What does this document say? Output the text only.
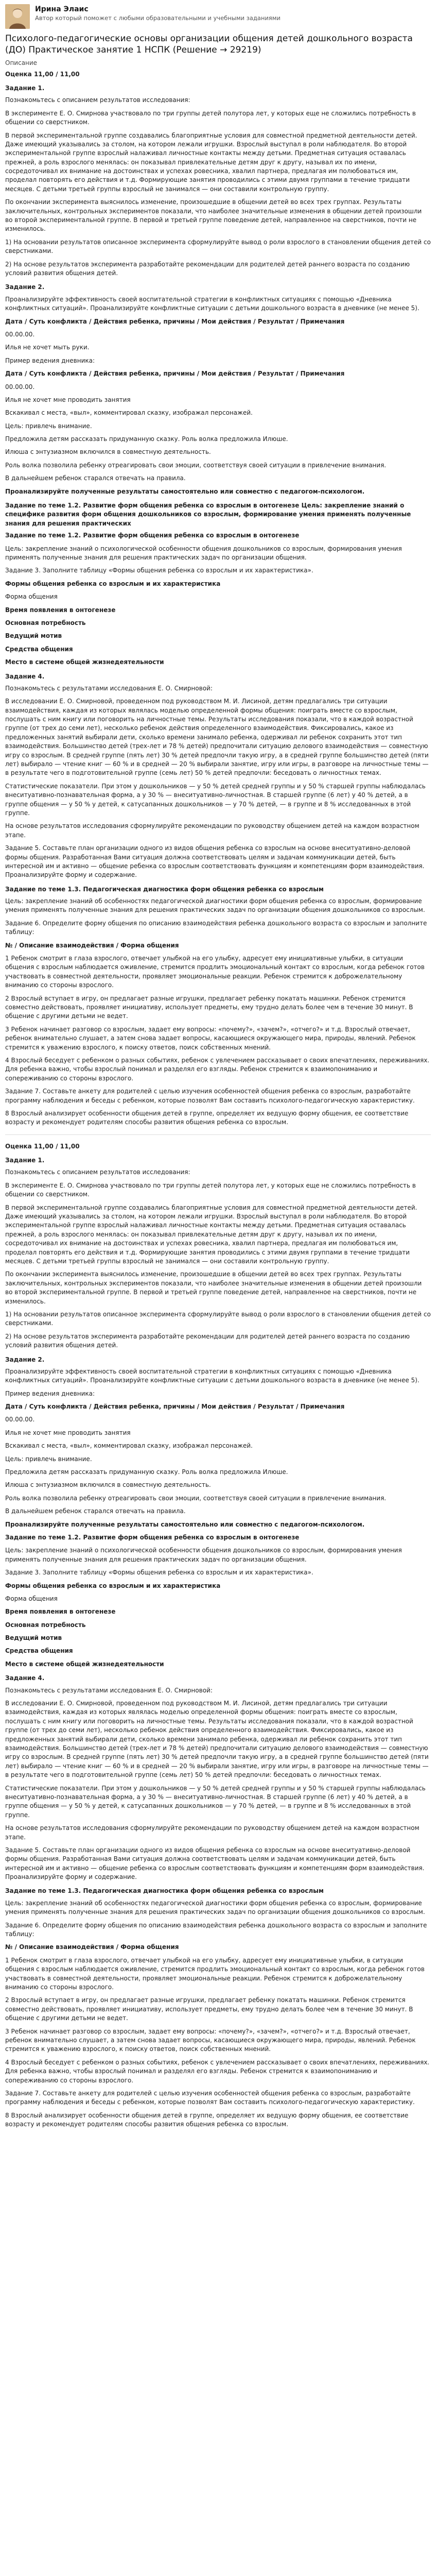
Ирина Элаис
Автор который поможет с любыми образовательными и учебными заданиями
Психолого-педагогические основы организации общения детей дошкольного возраста (ДО) Практическое занятие 1 НСПК (Решение → 29219)
Описание
Оценка 11,00 / 11,00
Задание 1.

Познакомьтесь с описанием результатов исследования:

В эксперименте Е. О. Смирнова участвовало по три группы детей полутора лет, у которых еще не сложились потребность в общении со сверстником.

В первой экспериментальной группе создавались благоприятные условия для совместной предметной деятельности детей. Даже имеющий указывались за столом, на котором лежали игрушки. Взрослый выступал в роли наблюдателя. Во второй экспериментальной группе взрослый налаживал личностные контакты между детьми. Предметная ситуация оставалась прежней, а роль взрослого менялась: он показывал привлекательные детям друг к другу, называл их по имени, сосредоточивал их внимание на достоинствах и успехах ровесника, хвалил партнера, предлагая им полюбоваться им, проделал повторять его действия и т.д. Формирующие занятия проводились с этими двумя группами в течение тридцати месяцев. С детьми третьей группы взрослый не занимался — они составили контрольную группу.

По окончании эксперимента выяснилось изменение, произошедшие в общении детей во всех трех группах. Результаты заключительных, контрольных экспериментов показали, что наиболее значительные изменения в общении детей произошли во второй экспериментальной группе. В первой и третьей группе поведение детей, направленное на сверстников, почти не изменилось.

1) На основании результатов описанное эксперимента сформулируйте вывод о роли взрослого в становлении общения детей со сверстниками.

2) На основе результатов эксперимента разработайте рекомендации для родителей детей раннего возраста по созданию условий развития общения детей.

Задание 2.

Проанализируйте эффективность своей воспитательной стратегии в конфликтных ситуациях с помощью «Дневника конфликтных ситуаций». Проанализируйте конфликтные ситуации с детьми дошкольного возраста в дневнике (не менее 5).

Дата / Суть конфликта / Действия ребенка, причины / Мои действия / Результат / Примечания

00.00.00.

Илья не хочет мыть руки.

Пример ведения дневника:

Дата / Суть конфликта / Действия ребенка, причины / Мои действия / Результат / Примечания

00.00.00.

Илья не хочет мне проводить занятия

Вскакивал с места, «выл», комментировал сказку, изображал персонажей.

Цель: привлечь внимание.

Предложила детям рассказать придуманную сказку. Роль волка предложила Илюше.

Илюша с энтузиазмом включился в совместную деятельность.

Роль волка позволила ребенку отреагировать свои эмоции, соответствуя своей ситуации в привлечение внимания.

В дальнейшем ребенок старался отвечать на правила.

Проанализируйте полученные результаты самостоятельно или совместно с педагогом-психологом.

Задание по теме 1.2. Развитие форм общения ребенка со взрослым в онтогенезе Цель: закрепление знаний о специфике развития форм общения дошкольников со взрослым, формирование умения применять полученные знания для решения практических

Задание по теме 1.2. Развитие форм общения ребенка со взрослым в онтогенезе

Цель: закрепление знаний о психологической особенности общения дошкольников со взрослым, формирования умения применять полученные знания для решения практических задач по организации общения.

Задание 3. Заполните таблицу «Формы общения ребенка со взрослым и их характеристика».

Формы общения ребенка со взрослым и их характеристика

Форма общения

Время появления в онтогенезе

Основная потребность

Ведущий мотив

Средства общения

Место в системе общей жизнедеятельности

Задание 4.

Познакомьтесь с результатами исследования Е. О. Смирновой:

В исследовании Е. О. Смирновой, проведенном под руководством М. И. Лисиной, детям предлагались три ситуации взаимодействия, каждая из которых являлась моделью определенной формы общения: поиграть вместе со взрослым, послушать с ним книгу или поговорить на личностные темы. Результаты исследования показали, что в каждой возрастной группе (от трех до семи лет), несколько ребенок действия определенного взаимодействия. Фиксировались, какое из предложенных занятий выбирали дети, сколько времени занимало ребенка, одерживал ли ребенок сохранить этот тип взаимодействия. Большинство детей (трех-лет и 78 % детей) предпочитали ситуацию делового взаимодействия — совместную игру со взрослым. В средней группе (пять лет) 30 % детей предпочли такую игру, а в средней группе большинство детей (пяти лет) выбирало — чтение книг — 60 % и в средней — 20 % выбирали занятие, игру или игры, в разговоре на личностные темы — в результате чего в подготовительной группе (семь лет) 50 % детей предпочли: беседовать о личностных темах.

Статистические показатели. При этом у дошкольников — у 50 % детей средней группы и у 50 % старшей группы наблюдалась внеситуативно-познавательная форма, а у 30 % — внеситуативно-личностная. В старшей группе (6 лет) у 40 % детей, а в группе общения — у 50 % у детей, к сатусапанных дошкольников — у 70 % детей, — в группе и 8 % исследованных в этой группе.

На основе результатов исследования сформулируйте рекомендации по руководству общением детей на каждом возрастном этапе.

Задание 5. Составьте план организации одного из видов общения ребенка со взрослым на основе внеситуативно-деловой формы общения. Разработанная Вами ситуация должна соответствовать целям и задачам коммуникации детей, быть интересной им и активно — общение ребенка со взрослым соответствовать функциям и компетенциям форм взаимодействия. Проанализируйте форму и содержание.

Задание по теме 1.3. Педагогическая диагностика форм общения ребенка со взрослым

Цель: закрепление знаний об особенностях педагогической диагностики форм общения ребенка со взрослым, формирование умения применять полученные знания для решения практических задач по организации общения дошкольников со взрослым.

Задание 6. Определите форму общения по описанию взаимодействия ребенка дошкольного возраста со взрослым и заполните таблицу:

№ / Описание взаимодействия / Форма общения

1 Ребенок смотрит в глаза взрослого, отвечает улыбкой на его улыбку, адресует ему инициативные улыбки, в ситуации общения с взрослым наблюдается оживление, стремится продлить эмоциональный контакт со взрослым, когда ребенок готов участвовать в совместной деятельности, проявляет эмоциональные реакции. Ребенок стремится к доброжелательному вниманию со стороны взрослого.

2 Взрослый вступает в игру, он предлагает разные игрушки, предлагает ребенку покатать машинки. Ребенок стремится совместно действовать, проявляет инициативу, использует предметы, ему трудно делать более чем в течение 30 минут. В общение с другими детьми не ведет.

3 Ребенок начинает разговор со взрослым, задает ему вопросы: «почему?», «зачем?», «отчего?» и т.д. Взрослый отвечает, ребенок внимательно слушает, а затем снова задает вопросы, касающиеся окружающего мира, природы, явлений. Ребенок стремится к уважению взрослого, к поиску ответов, поиск собственных мнений.

4 Взрослый беседует с ребенком о разных событиях, ребенок с увлечением рассказывает о своих впечатлениях, переживаниях. Для ребенка важно, чтобы взрослый понимал и разделял его взгляды. Ребенок стремится к взаимопониманию и сопереживанию со стороны взрослого.

Задание 7. Составьте анкету для родителей с целью изучения особенностей общения ребенка со взрослым, разработайте программу наблюдения и беседы с ребенком, которые позволят Вам составить психолого-педагогическую характеристику.

8 Взрослый анализирует особенности общения детей в группе, определяет их ведущую форму общения, ее соответствие возрасту и рекомендует родителям способы развития общения ребенка со взрослым.

Оценка 11,00 / 11,00
Задание 1.

Познакомьтесь с описанием результатов исследования:

В эксперименте Е. О. Смирнова участвовало по три группы детей полутора лет, у которых еще не сложились потребность в общении со сверстником.

В первой экспериментальной группе создавались благоприятные условия для совместной предметной деятельности детей. Даже имеющий указывались за столом, на котором лежали игрушки. Взрослый выступал в роли наблюдателя. Во второй экспериментальной группе взрослый налаживал личностные контакты между детьми. Предметная ситуация оставалась прежней, а роль взрослого менялась: он показывал привлекательные детям друг к другу, называл их по имени, сосредоточивал их внимание на достоинствах и успехах ровесника, хвалил партнера, предлагая им полюбоваться им, проделал повторять его действия и т.д. Формирующие занятия проводились с этими двумя группами в течение тридцати месяцев. С детьми третьей группы взрослый не занимался — они составили контрольную группу.

По окончании эксперимента выяснилось изменение, произошедшие в общении детей во всех трех группах. Результаты заключительных, контрольных экспериментов показали, что наиболее значительные изменения в общении детей произошли во второй экспериментальной группе. В первой и третьей группе поведение детей, направленное на сверстников, почти не изменилось.

1) На основании результатов описанное эксперимента сформулируйте вывод о роли взрослого в становлении общения детей со сверстниками.

2) На основе результатов эксперимента разработайте рекомендации для родителей детей раннего возраста по созданию условий развития общения детей.

Задание 2.

Проанализируйте эффективность своей воспитательной стратегии в конфликтных ситуациях с помощью «Дневника конфликтных ситуаций». Проанализируйте конфликтные ситуации с детьми дошкольного возраста в дневнике (не менее 5).

Пример ведения дневника:

Дата / Суть конфликта / Действия ребенка, причины / Мои действия / Результат / Примечания

00.00.00.

Илья не хочет мне проводить занятия

Вскакивал с места, «выл», комментировал сказку, изображал персонажей.

Цель: привлечь внимание.

Предложила детям рассказать придуманную сказку. Роль волка предложила Илюше.

Илюша с энтузиазмом включился в совместную деятельность.

Роль волка позволила ребенку отреагировать свои эмоции, соответствуя своей ситуации в привлечение внимания.

В дальнейшем ребенок старался отвечать на правила.

Проанализируйте полученные результаты самостоятельно или совместно с педагогом-психологом.

Задание по теме 1.2. Развитие форм общения ребенка со взрослым в онтогенезе

Цель: закрепление знаний о психологической особенности общения дошкольников со взрослым, формирования умения применять полученные знания для решения практических задач по организации общения.

Задание 3. Заполните таблицу «Формы общения ребенка со взрослым и их характеристика».

Формы общения ребенка со взрослым и их характеристика

Форма общения

Время появления в онтогенезе

Основная потребность

Ведущий мотив

Средства общения

Место в системе общей жизнедеятельности

Задание 4.

Познакомьтесь с результатами исследования Е. О. Смирновой:

В исследовании Е. О. Смирновой, проведенном под руководством М. И. Лисиной, детям предлагались три ситуации взаимодействия, каждая из которых являлась моделью определенной формы общения: поиграть вместе со взрослым, послушать с ним книгу или поговорить на личностные темы. Результаты исследования показали, что в каждой возрастной группе (от трех до семи лет), несколько ребенок действия определенного взаимодействия. Фиксировались, какое из предложенных занятий выбирали дети, сколько времени занимало ребенка, одерживал ли ребенок сохранить этот тип взаимодействия. Большинство детей (трех-лет и 78 % детей) предпочитали ситуацию делового взаимодействия — совместную игру со взрослым. В средней группе (пять лет) 30 % детей предпочли такую игру, а в средней группе большинство детей (пяти лет) выбирало — чтение книг — 60 % и в средней — 20 % выбирали занятие, игру или игры, в разговоре на личностные темы — в результате чего в подготовительной группе (семь лет) 50 % детей предпочли: беседовать о личностных темах.

Статистические показатели. При этом у дошкольников — у 50 % детей средней группы и у 50 % старшей группы наблюдалась внеситуативно-познавательная форма, а у 30 % — внеситуативно-личностная. В старшей группе (6 лет) у 40 % детей, а в группе общения — у 50 % у детей, к сатусапанных дошкольников — у 70 % детей, — в группе и 8 % исследованных в этой группе.

На основе результатов исследования сформулируйте рекомендации по руководству общением детей на каждом возрастном этапе.

Задание 5. Составьте план организации одного из видов общения ребенка со взрослым на основе внеситуативно-деловой формы общения. Разработанная Вами ситуация должна соответствовать целям и задачам коммуникации детей, быть интересной им и активно — общение ребенка со взрослым соответствовать функциям и компетенциям форм взаимодействия. Проанализируйте форму и содержание.

Задание по теме 1.3. Педагогическая диагностика форм общения ребенка со взрослым

Цель: закрепление знаний об особенностях педагогической диагностики форм общения ребенка со взрослым, формирование умения применять полученные знания для решения практических задач по организации общения дошкольников со взрослым.

Задание 6. Определите форму общения по описанию взаимодействия ребенка дошкольного возраста со взрослым и заполните таблицу:

№ / Описание взаимодействия / Форма общения

1 Ребенок смотрит в глаза взрослого, отвечает улыбкой на его улыбку, адресует ему инициативные улыбки, в ситуации общения с взрослым наблюдается оживление, стремится продлить эмоциональный контакт со взрослым, когда ребенок готов участвовать в совместной деятельности, проявляет эмоциональные реакции. Ребенок стремится к доброжелательному вниманию со стороны взрослого.

2 Взрослый вступает в игру, он предлагает разные игрушки, предлагает ребенку покатать машинки. Ребенок стремится совместно действовать, проявляет инициативу, использует предметы, ему трудно делать более чем в течение 30 минут. В общение с другими детьми не ведет.

3 Ребенок начинает разговор со взрослым, задает ему вопросы: «почему?», «зачем?», «отчего?» и т.д. Взрослый отвечает, ребенок внимательно слушает, а затем снова задает вопросы, касающиеся окружающего мира, природы, явлений. Ребенок стремится к уважению взрослого, к поиску ответов, поиск собственных мнений.

4 Взрослый беседует с ребенком о разных событиях, ребенок с увлечением рассказывает о своих впечатлениях, переживаниях. Для ребенка важно, чтобы взрослый понимал и разделял его взгляды. Ребенок стремится к взаимопониманию и сопереживанию со стороны взрослого.

Задание 7. Составьте анкету для родителей с целью изучения особенностей общения ребенка со взрослым, разработайте программу наблюдения и беседы с ребенком, которые позволят Вам составить психолого-педагогическую характеристику.

8 Взрослый анализирует особенности общения детей в группе, определяет их ведущую форму общения, ее соответствие возрасту и рекомендует родителям способы развития общения ребенка со взрослым.
